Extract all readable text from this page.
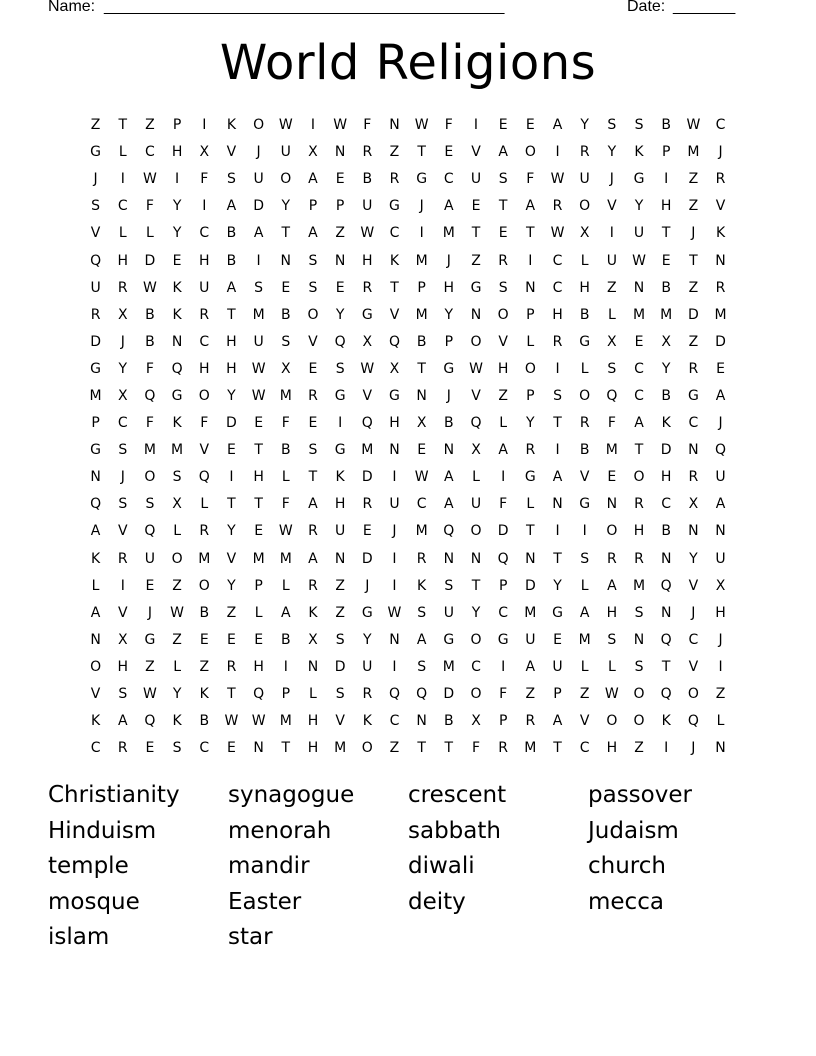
Name: _____________________________________________	Date: _______
World Religions
Z	T	Z	P	I	K	O	W	I	W	F	N	W	F	I	E	E	A	Y	S	S	B	W	C
G	L	C	H	X	V	J	U	X	N	R	Z	T	E	V	A	O	I	R	Y	K	P	M	J
J	I	W	I	F	S	U	O	A	E	B	R	G	C	U	S	F	W	U	J	G	I	Z	R
S	C	F	Y	I	A	D	Y	P	P	U	G	J	A	E	T	A	R	O	V	Y	H	Z	V
V	L	L	Y	C	B	A	T	A	Z	W	C	I	M	T	E	T	W	X	I	U	T	J	K
Q	H	D	E	H	B	I	N	S	N	H	K	M	J	Z	R	I	C	L	U	W	E	T	N
U	R	W	K	U	A	S	E	S	E	R	T	P	H	G	S	N	C	H	Z	N	B	Z	R
R	X	B	K	R	T	M	B	O	Y	G	V	M	Y	N	O	P	H	B	L	M	M	D	M
D	J	B	N	C	H	U	S	V	Q	X	Q	B	P	O	V	L	R	G	X	E	X	Z	D
G	Y	F	Q	H	H	W	X	E	S	W	X	T	G	W	H	O	I	L	S	C	Y	R	E
M	X	Q	G	O	Y	W	M	R	G	V	G	N	J	V	Z	P	S	O	Q	C	B	G	A
P	C	F	K	F	D	E	F	E	I	Q	H	X	B	Q	L	Y	T	R	F	A	K	C	J
G	S	M	M	V	E	T	B	S	G	M	N	E	N	X	A	R	I	B	M	T	D	N	Q
N	J	O	S	Q	I	H	L	T	K	D	I	W	A	L	I	G	A	V	E	O	H	R	U
Q	S	S	X	L	T	T	F	A	H	R	U	C	A	U	F	L	N	G	N	R	C	X	A
A	V	Q	L	R	Y	E	W	R	U	E	J	M	Q	O	D	T	I	I	O	H	B	N	N
K	R	U	O	M	V	M	M	A	N	D	I	R	N	N	Q	N	T	S	R	R	N	Y	U
L	I	E	Z	O	Y	P	L	R	Z	J	I	K	S	T	P	D	Y	L	A	M	Q	V	X
A	V	J	W	B	Z	L	A	K	Z	G	W	S	U	Y	C	M	G	A	H	S	N	J	H
N	X	G	Z	E	E	E	B	X	S	Y	N	A	G	O	G	U	E	M	S	N	Q	C	J
O	H	Z	L	Z	R	H	I	N	D	U	I	S	M	C	I	A	U	L	L	S	T	V	I
V	S	W	Y	K	T	Q	P	L	S	R	Q	Q	D	O	F	Z	P	Z	W	O	Q	O	Z
K	A	Q	K	B	W W	M	H	V	K	C	N	B	X	P	R	A	V	O	O	K	Q	L
C	R	E	S	C	E	N	T	H	M	O	Z	T	T	F	R	M	T	C	H	Z	I	J	N
Christianity	synagogue	crescent	passover
Hinduism	menorah	sabbath	Judaism
temple	mandir	diwali	church
mosque	Easter	deity	mecca
islam	star
